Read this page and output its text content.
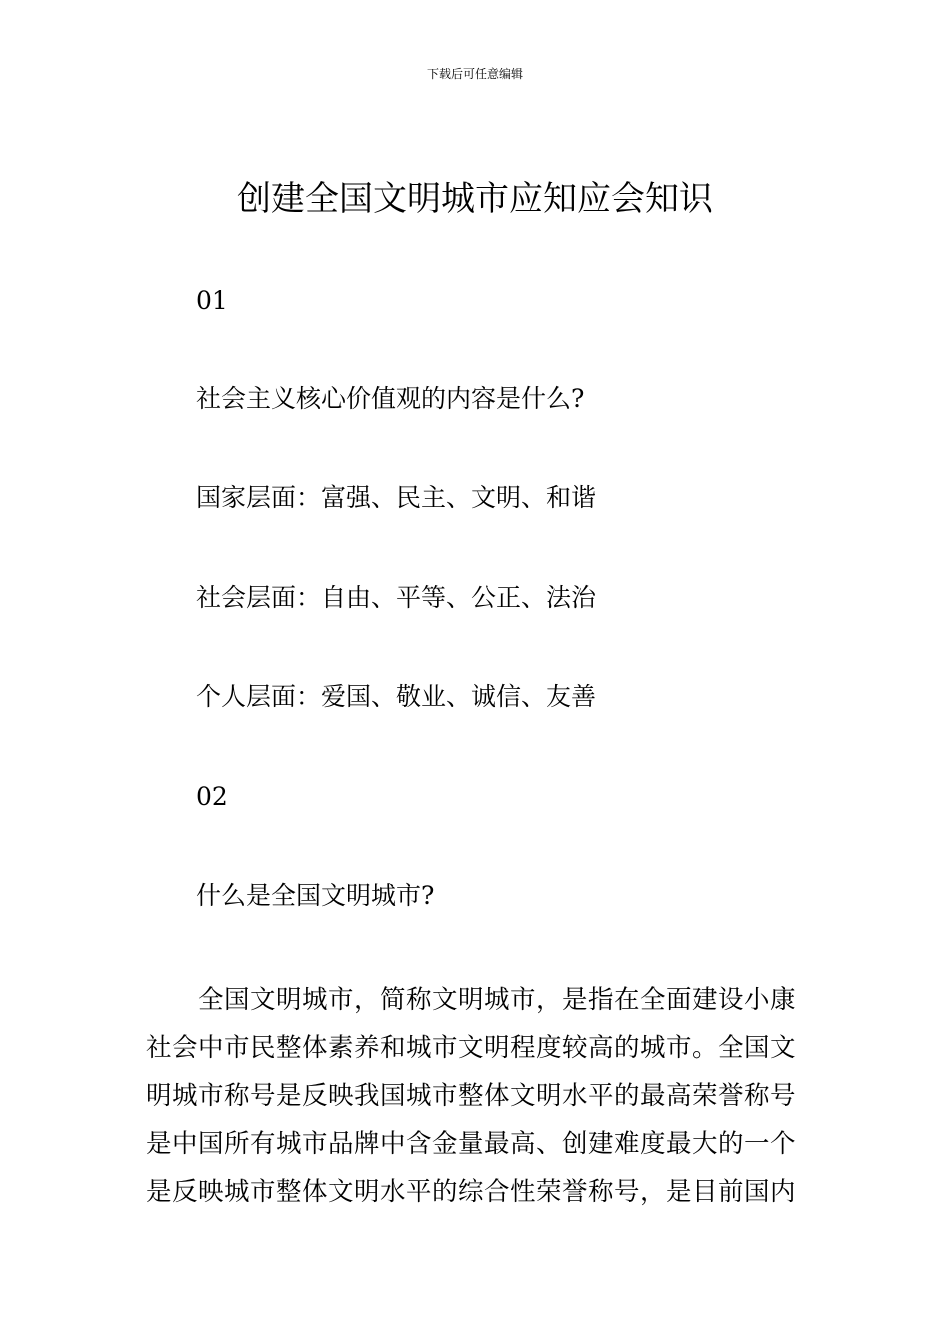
下载后可任意编辑
创建全国文明城市应知应会知识

01

社会主义核心价值观的内容是什么?

国家层面：富强、民主、文明、和谐

社会层面：自由、平等、公正、法治

个人层面：爱国、敬业、诚信、友善

02

什么是全国文明城市?

全国文明城市，简称文明城市，是指在全面建设小康社会中市民整体素养和城市文明程度较高的城市。全国文明城市称号是反映我国城市整体文明水平的最高荣誉称号是中国所有城市品牌中含金量最高、创建难度最大的一个是反映城市整体文明水平的综合性荣誉称号，是目前国内
